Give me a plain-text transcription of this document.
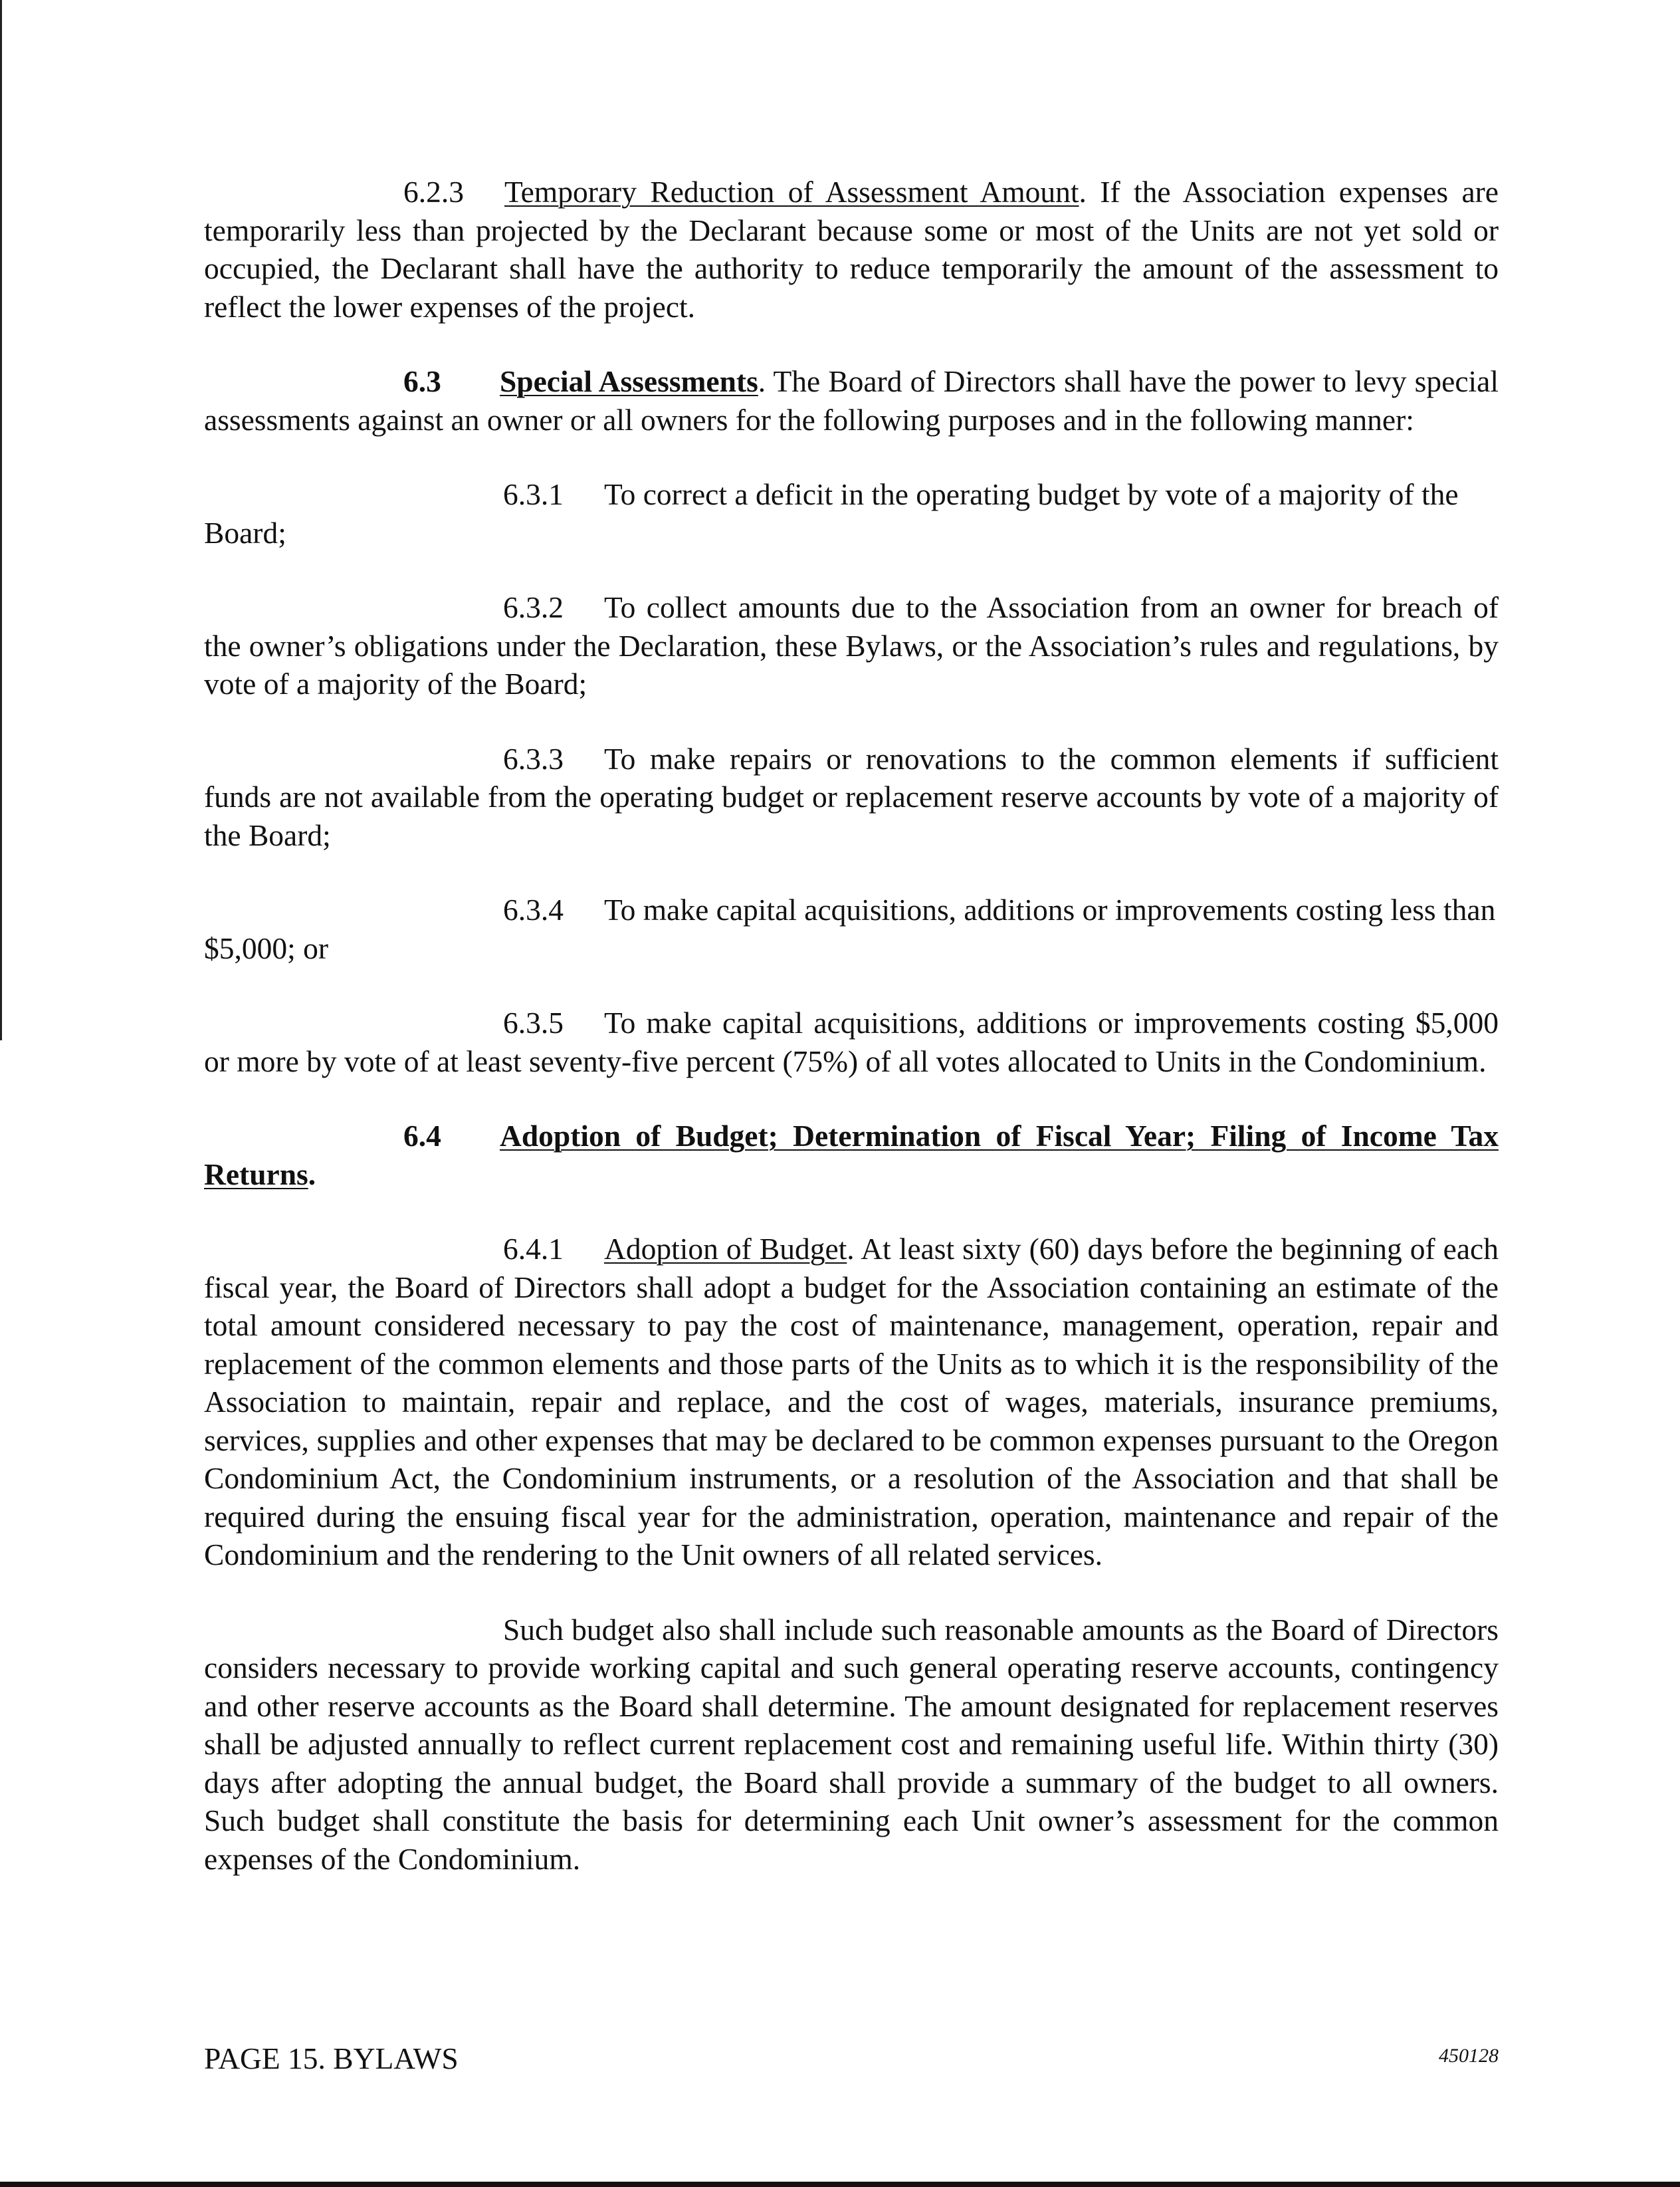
6.2.3 Temporary Reduction of Assessment Amount. If the Association expenses are temporarily less than projected by the Declarant because some or most of the Units are not yet sold or occupied, the Declarant shall have the authority to reduce temporarily the amount of the assessment to reflect the lower expenses of the project.

6.3 Special Assessments. The Board of Directors shall have the power to levy special assessments against an owner or all owners for the following purposes and in the following manner:

6.3.1 To correct a deficit in the operating budget by vote of a majority of the
Board;

6.3.2 To collect amounts due to the Association from an owner for breach of the owner’s obligations under the Declaration, these Bylaws, or the Association’s rules and regulations, by vote of a majority of the Board;

6.3.3 To make repairs or renovations to the common elements if sufficient funds are not available from the operating budget or replacement reserve accounts by vote of a majority of the Board;

6.3.4 To make capital acquisitions, additions or improvements costing less than
$5,000; or

6.3.5 To make capital acquisitions, additions or improvements costing $5,000 or more by vote of at least seventy-five percent (75%) of all votes allocated to Units in the Condominium.

6.4 Adoption of Budget; Determination of Fiscal Year; Filing of Income Tax Returns.

6.4.1 Adoption of Budget. At least sixty (60) days before the beginning of each fiscal year, the Board of Directors shall adopt a budget for the Association containing an estimate of the total amount considered necessary to pay the cost of maintenance, management, operation, repair and replacement of the common elements and those parts of the Units as to which it is the responsibility of the Association to maintain, repair and replace, and the cost of wages, materials, insurance premiums, services, supplies and other expenses that may be declared to be common expenses pursuant to the Oregon Condominium Act, the Condominium instruments, or a resolution of the Association and that shall be required during the ensuing fiscal year for the administration, operation, maintenance and repair of the Condominium and the rendering to the Unit owners of all related services.

Such budget also shall include such reasonable amounts as the Board of Directors considers necessary to provide working capital and such general operating reserve accounts, contingency and other reserve accounts as the Board shall determine. The amount designated for replacement reserves shall be adjusted annually to reflect current replacement cost and remaining useful life. Within thirty (30) days after adopting the annual budget, the Board shall provide a summary of the budget to all owners. Such budget shall constitute the basis for determining each Unit owner’s assessment for the common expenses of the Condominium.

PAGE 15. BYLAWS	450128
